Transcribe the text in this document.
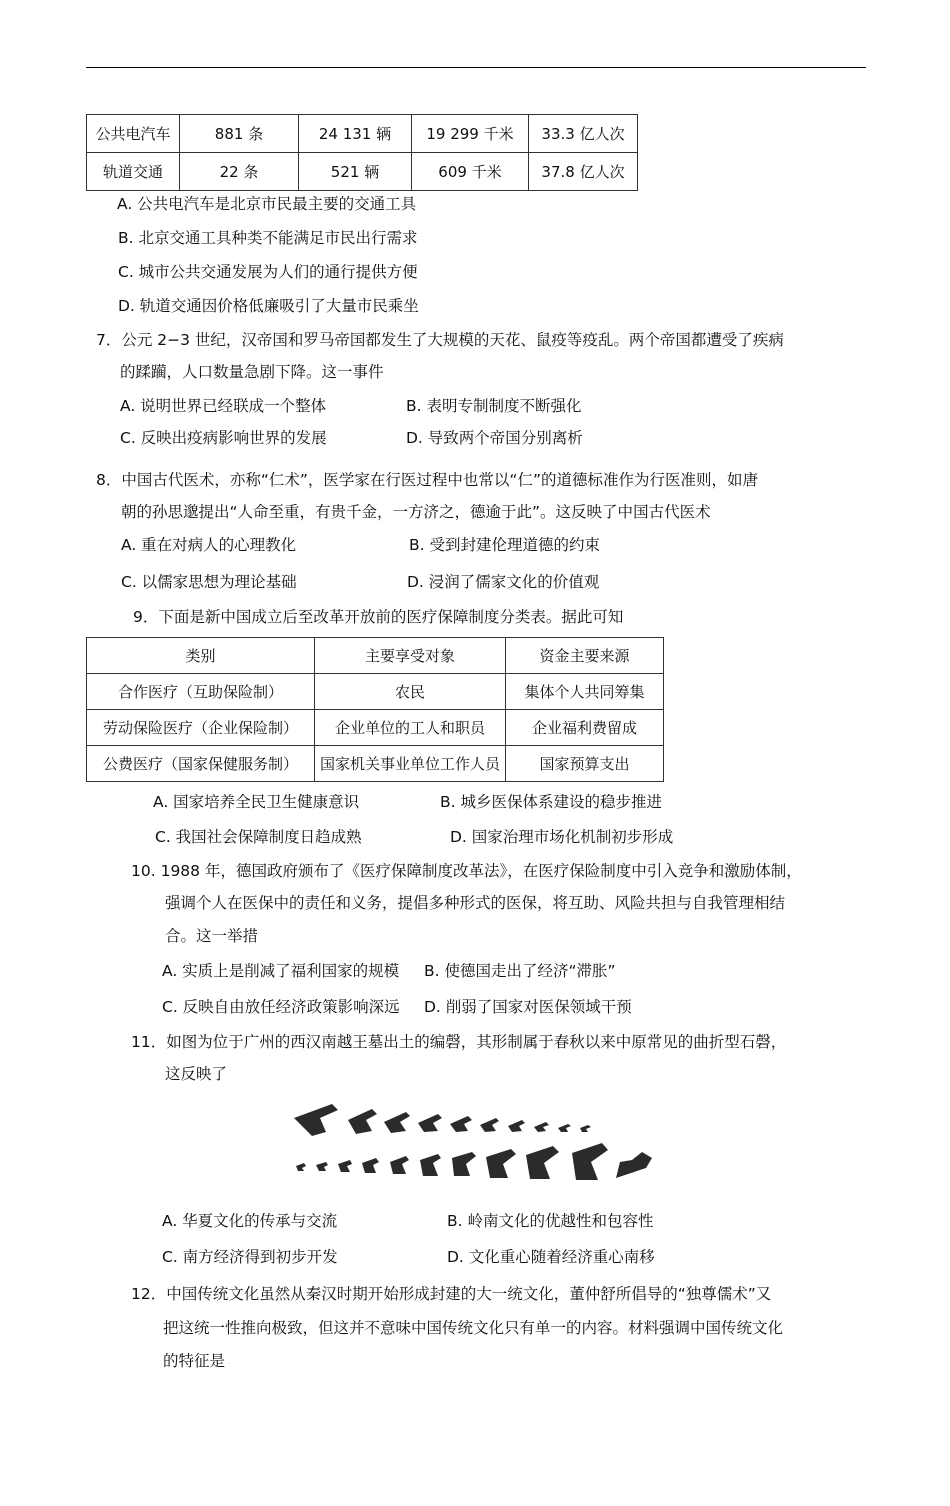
公共电汽车	881 条	24 131 辆	19 299 千米	33.3 亿人次
轨道交通	22 条	521 辆	609 千米	37.8 亿人次
A. 公共电汽车是北京市民最主要的交通工具
B. 北京交通工具种类不能满足市民出行需求
C. 城市公共交通发展为人们的通行提供方便
D. 轨道交通因价格低廉吸引了大量市民乘坐
7．公元 2−3 世纪，汉帝国和罗马帝国都发生了大规模的天花、鼠疫等疫乱。两个帝国都遭受了疾病
的蹂躏，人口数量急剧下降。这一事件
A. 说明世界已经联成一个整体	B. 表明专制制度不断强化
C. 反映出疫病影响世界的发展	D. 导致两个帝国分别离析
8．中国古代医术，亦称“仁术”，医学家在行医过程中也常以“仁”的道德标准作为行医准则，如唐
朝的孙思邈提出“人命至重，有贵千金，一方济之，德逾于此”。这反映了中国古代医术
A. 重在对病人的心理教化	B. 受到封建伦理道德的约束
C. 以儒家思想为理论基础	D. 浸润了儒家文化的价值观
9．下面是新中国成立后至改革开放前的医疗保障制度分类表。据此可知
类别	主要享受对象	资金主要来源
合作医疗（互助保险制）	农民	集体个人共同筹集
劳动保险医疗（企业保险制）	企业单位的工人和职员	企业福利费留成
公费医疗（国家保健服务制）	国家机关事业单位工作人员	国家预算支出
A. 国家培养全民卫生健康意识	B. 城乡医保体系建设的稳步推进
C. 我国社会保障制度日趋成熟	D. 国家治理市场化机制初步形成
10. 1988 年，德国政府颁布了《医疗保障制度改革法》，在医疗保险制度中引入竞争和激励体制，
强调个人在医保中的责任和义务，提倡多种形式的医保，将互助、风险共担与自我管理相结
合。这一举措
A. 实质上是削减了福利国家的规模 B. 使德国走出了经济“滞胀”
C. 反映自由放任经济政策影响深远 D. 削弱了国家对医保领域干预
11．如图为位于广州的西汉南越王墓出土的编磬，其形制属于春秋以来中原常见的曲折型石磬，
这反映了
A. 华夏文化的传承与交流	B. 岭南文化的优越性和包容性
C. 南方经济得到初步开发	D. 文化重心随着经济重心南移
12．中国传统文化虽然从秦汉时期开始形成封建的大一统文化，董仲舒所倡导的“独尊儒术”又
把这统一性推向极致，但这并不意味中国传统文化只有单一的内容。材料强调中国传统文化
的特征是
